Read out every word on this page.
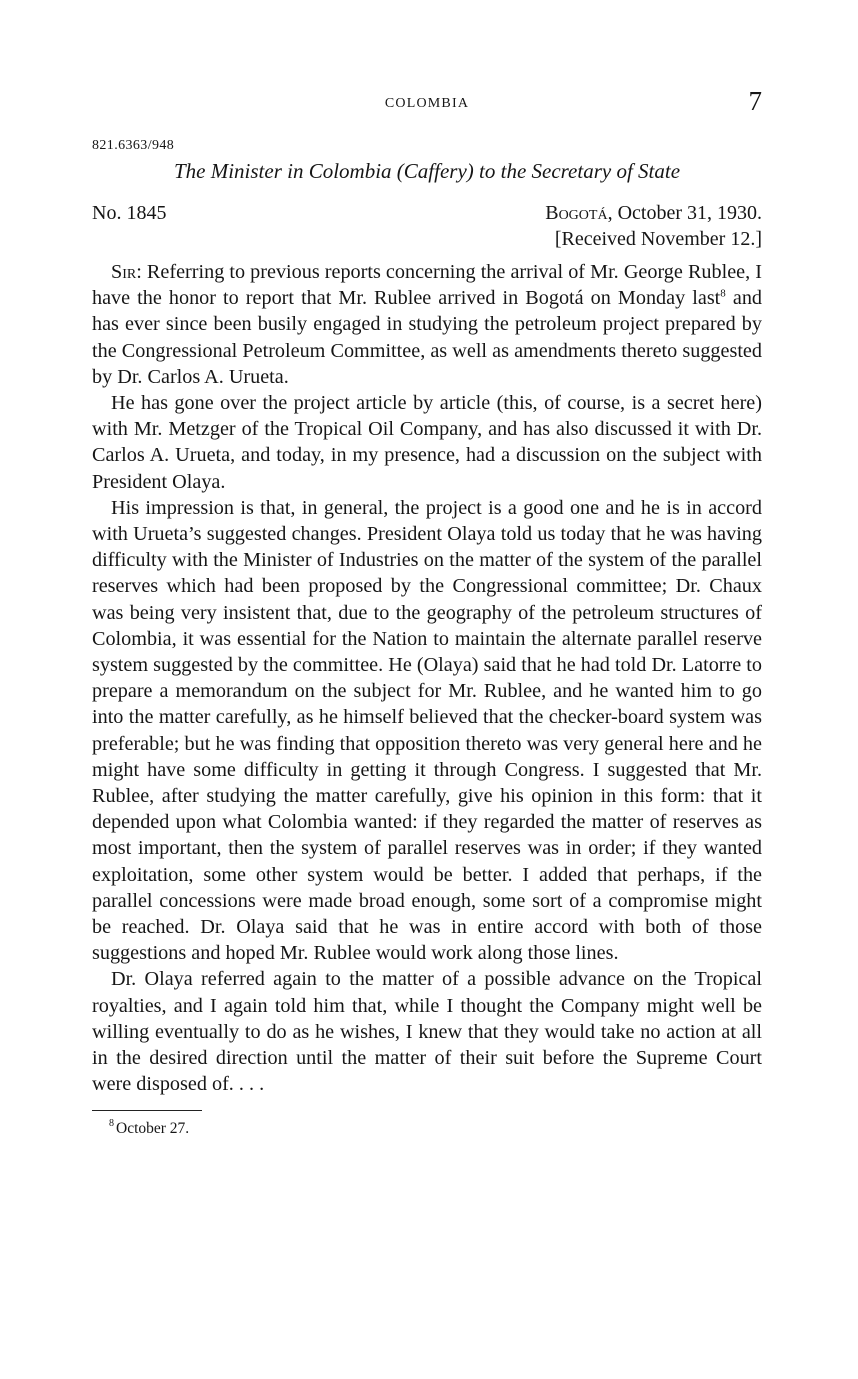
COLOMBIA	7
821.6363/948
The Minister in Colombia (Caffery) to the Secretary of State
No. 1845	Bogotá, October 31, 1930.
[Received November 12.]

Sir: Referring to previous reports concerning the arrival of Mr. George Rublee, I have the honor to report that Mr. Rublee arrived in Bogotá on Monday last$^8$ and has ever since been busily engaged in studying the petroleum project prepared by the Congressional Petroleum Committee, as well as amendments thereto suggested by Dr. Carlos A. Urueta.

He has gone over the project article by article (this, of course, is a secret here) with Mr. Metzger of the Tropical Oil Company, and has also discussed it with Dr. Carlos A. Urueta, and today, in my presence, had a discussion on the subject with President Olaya.

His impression is that, in general, the project is a good one and he is in accord with Urueta’s suggested changes. President Olaya told us today that he was having difficulty with the Minister of Industries on the matter of the system of the parallel reserves which had been proposed by the Congressional committee; Dr. Chaux was being very insistent that, due to the geography of the petroleum structures of Colombia, it was essential for the Nation to maintain the alternate parallel reserve system suggested by the committee. He (Olaya) said that he had told Dr. Latorre to prepare a memorandum on the subject for Mr. Rublee, and he wanted him to go into the matter carefully, as he himself believed that the checker-board system was preferable; but he was finding that opposition thereto was very general here and he might have some difficulty in getting it through Congress. I suggested that Mr. Rublee, after studying the matter carefully, give his opinion in this form: that it depended upon what Colombia wanted: if they regarded the matter of reserves as most important, then the system of parallel reserves was in order; if they wanted exploitation, some other system would be better. I added that perhaps, if the parallel concessions were made broad enough, some sort of a compromise might be reached. Dr. Olaya said that he was in entire accord with both of those suggestions and hoped Mr. Rublee would work along those lines.

Dr. Olaya referred again to the matter of a possible advance on the Tropical royalties, and I again told him that, while I thought the Company might well be willing eventually to do as he wishes, I knew that they would take no action at all in the desired direction until the matter of their suit before the Supreme Court were disposed of. . . .

$^8$ October 27.
